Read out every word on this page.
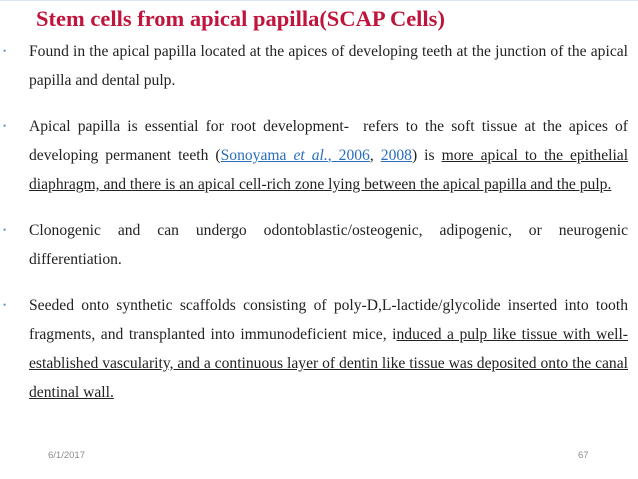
Stem cells from apical papilla(SCAP Cells)
• Found in the apical papilla located at the apices of developing teeth at the junction of the apical papilla and dental pulp.
• Apical papilla is essential for root development-  refers to the soft tissue at the apices of developing permanent teeth (Sonoyama et al., 2006, 2008) is more apical to the epithelial diaphragm, and there is an apical cell-rich zone lying between the apical papilla and the pulp.
• Clonogenic and can undergo odontoblastic/osteogenic, adipogenic, or neurogenic differentiation.
• Seeded onto synthetic scaffolds consisting of poly-D,L-lactide/glycolide inserted into tooth fragments, and transplanted into immunodeficient mice, induced a pulp like tissue with well-established vascularity, and a continuous layer of dentin like tissue was deposited onto the canal dentinal wall.
6/1/2017	67
